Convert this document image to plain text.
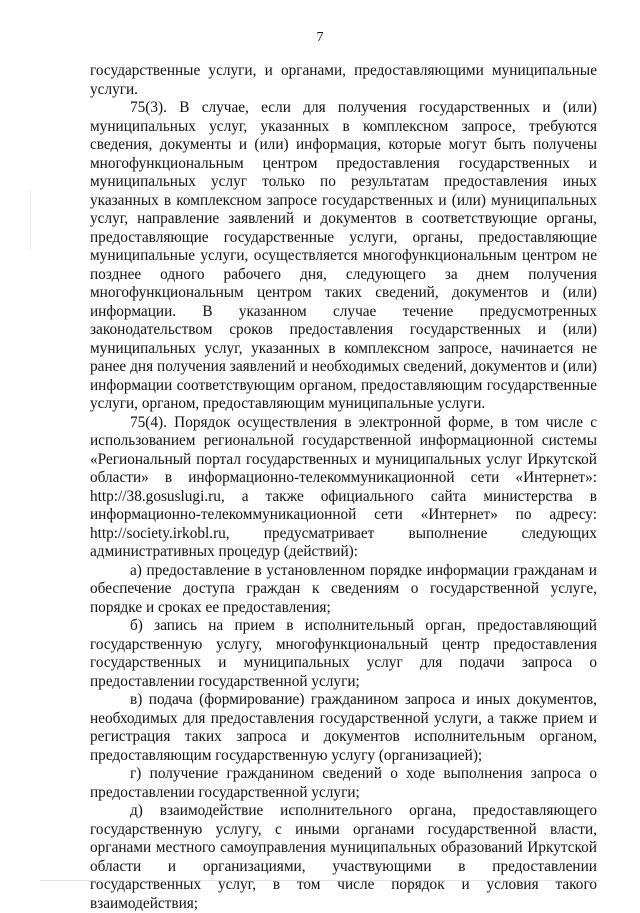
7

государственные услуги, и органами, предоставляющими муниципальные услуги.

75(3). В случае, если для получения государственных и (или) муниципальных услуг, указанных в комплексном запросе, требуются сведения, документы и (или) информация, которые могут быть получены многофункциональным центром предоставления государственных и муниципальных услуг только по результатам предоставления иных указанных в комплексном запросе государственных и (или) муниципальных услуг, направление заявлений и документов в соответствующие органы, предоставляющие государственные услуги, органы, предоставляющие муниципальные услуги, осуществляется многофункциональным центром не позднее одного рабочего дня, следующего за днем получения многофункциональным центром таких сведений, документов и (или) информации. В указанном случае течение предусмотренных законодательством сроков предоставления государственных и (или) муниципальных услуг, указанных в комплексном запросе, начинается не ранее дня получения заявлений и необходимых сведений, документов и (или) информации соответствующим органом, предоставляющим государственные услуги, органом, предоставляющим муниципальные услуги.

75(4). Порядок осуществления в электронной форме, в том числе с использованием региональной государственной информационной системы «Региональный портал государственных и муниципальных услуг Иркутской области» в информационно-телекоммуникационной сети «Интернет»: http://38.gosuslugi.ru, а также официального сайта министерства в информационно-телекоммуникационной сети «Интернет» по адресу: http://society.irkobl.ru, предусматривает выполнение следующих административных процедур (действий):

а) предоставление в установленном порядке информации гражданам и обеспечение доступа граждан к сведениям о государственной услуге, порядке и сроках ее предоставления;

б) запись на прием в исполнительный орган, предоставляющий государственную услугу, многофункциональный центр предоставления государственных и муниципальных услуг для подачи запроса о предоставлении государственной услуги;

в) подача (формирование) гражданином запроса и иных документов, необходимых для предоставления государственной услуги, а также прием и регистрация таких запроса и документов исполнительным органом, предоставляющим государственную услугу (организацией);

г) получение гражданином сведений о ходе выполнения запроса о предоставлении государственной услуги;

д) взаимодействие исполнительного органа, предоставляющего государственную услугу, с иными органами государственной власти, органами местного самоуправления муниципальных образований Иркутской области и организациями, участвующими в предоставлении государственных услуг, в том числе порядок и условия такого взаимодействия;
